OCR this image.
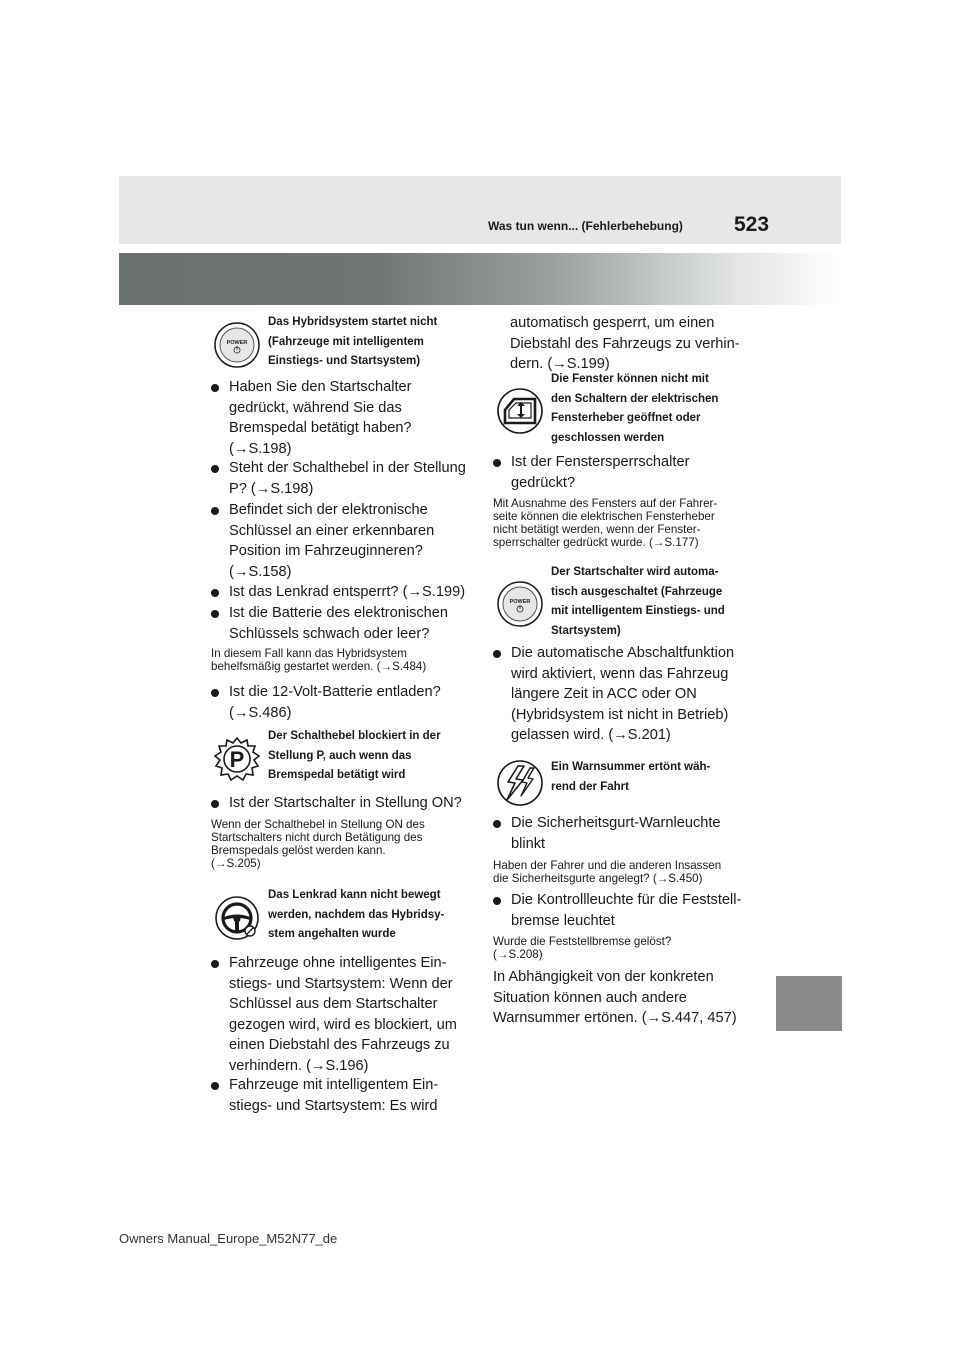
523
Was tun wenn... (Fehlerbehebung)
POWER
Das Hybridsystem startet nicht
(Fahrzeuge mit intelligentem
Einstiegs- und Startsystem)
Haben Sie den Startschalter
gedrückt, während Sie das
Bremspedal betätigt haben?
(→S.198)
Steht der Schalthebel in der Stellung
P? (→S.198)
Befindet sich der elektronische
Schlüssel an einer erkennbaren
Position im Fahrzeuginneren?
(→S.158)
Ist das Lenkrad entsperrt? (→S.199)
Ist die Batterie des elektronischen
Schlüssels schwach oder leer?
In diesem Fall kann das Hybridsystem
behelfsmäßig gestartet werden. (→S.484)
Ist die 12-Volt-Batterie entladen?
(→S.486)
P
Der Schalthebel blockiert in der
Stellung P, auch wenn das
Bremspedal betätigt wird
Ist der Startschalter in Stellung ON?
Wenn der Schalthebel in Stellung ON des
Startschalters nicht durch Betätigung des
Bremspedals gelöst werden kann.
(→S.205)
Das Lenkrad kann nicht bewegt
werden, nachdem das Hybridsy-
stem angehalten wurde
Fahrzeuge ohne intelligentes Ein-
stiegs- und Startsystem: Wenn der
Schlüssel aus dem Startschalter
gezogen wird, wird es blockiert, um
einen Diebstahl des Fahrzeugs zu
verhindern. (→S.196)
Fahrzeuge mit intelligentem Ein-
stiegs- und Startsystem: Es wird
automatisch gesperrt, um einen
Diebstahl des Fahrzeugs zu verhin-
dern. (→S.199)
Die Fenster können nicht mit
den Schaltern der elektrischen
Fensterheber geöffnet oder
geschlossen werden
Ist der Fenstersperrschalter
gedrückt?
Mit Ausnahme des Fensters auf der Fahrer-
seite können die elektrischen Fensterheber
nicht betätigt werden, wenn der Fenster-
sperrschalter gedrückt wurde. (→S.177)
POWER
Der Startschalter wird automa-
tisch ausgeschaltet (Fahrzeuge
mit intelligentem Einstiegs- und
Startsystem)
Die automatische Abschaltfunktion
wird aktiviert, wenn das Fahrzeug
längere Zeit in ACC oder ON
(Hybridsystem ist nicht in Betrieb)
gelassen wird. (→S.201)
Ein Warnsummer ertönt wäh-
rend der Fahrt
Die Sicherheitsgurt-Warnleuchte
blinkt
Haben der Fahrer und die anderen Insassen
die Sicherheitsgurte angelegt? (→S.450)
Die Kontrollleuchte für die Feststell-
bremse leuchtet
Wurde die Feststellbremse gelöst?
(→S.208)
In Abhängigkeit von der konkreten
Situation können auch andere
Warnsummer ertönen. (→S.447, 457)
Owners Manual_Europe_M52N77_de
